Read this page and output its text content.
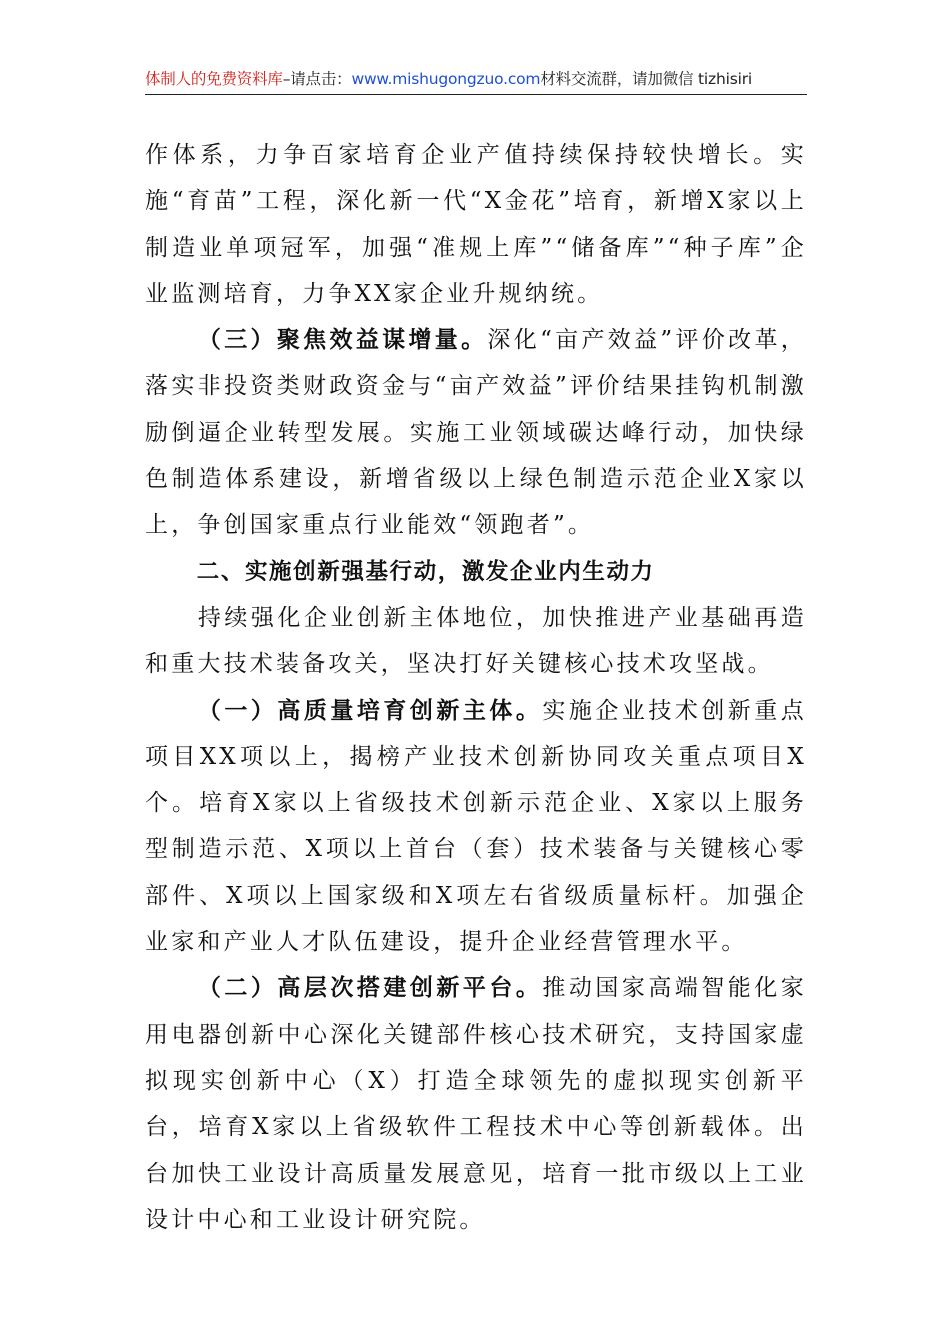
体制人的免费资料库–请点击：www.mishugongzuo.com材料交流群，请加微信 tizhisiri

作体系，力争百家培育企业产值持续保持较快增长。实施“育苗”工程，深化新一代“X金花”培育，新增X家以上制造业单项冠军，加强“准规上库”“储备库”“种子库”企业监测培育，力争XX家企业升规纳统。

（三）聚焦效益谋增量。深化“亩产效益”评价改革，落实非投资类财政资金与“亩产效益”评价结果挂钩机制激励倒逼企业转型发展。实施工业领域碳达峰行动，加快绿色制造体系建设，新增省级以上绿色制造示范企业X家以上，争创国家重点行业能效“领跑者”。

二、实施创新强基行动，激发企业内生动力

持续强化企业创新主体地位，加快推进产业基础再造和重大技术装备攻关，坚决打好关键核心技术攻坚战。

（一）高质量培育创新主体。实施企业技术创新重点项目XX项以上，揭榜产业技术创新协同攻关重点项目X个。培育X家以上省级技术创新示范企业、X家以上服务型制造示范、X项以上首台（套）技术装备与关键核心零部件、X项以上国家级和X项左右省级质量标杆。加强企业家和产业人才队伍建设，提升企业经营管理水平。

（二）高层次搭建创新平台。推动国家高端智能化家用电器创新中心深化关键部件核心技术研究，支持国家虚拟现实创新中心（X）打造全球领先的虚拟现实创新平台，培育X家以上省级软件工程技术中心等创新载体。出台加快工业设计高质量发展意见，培育一批市级以上工业设计中心和工业设计研究院。
